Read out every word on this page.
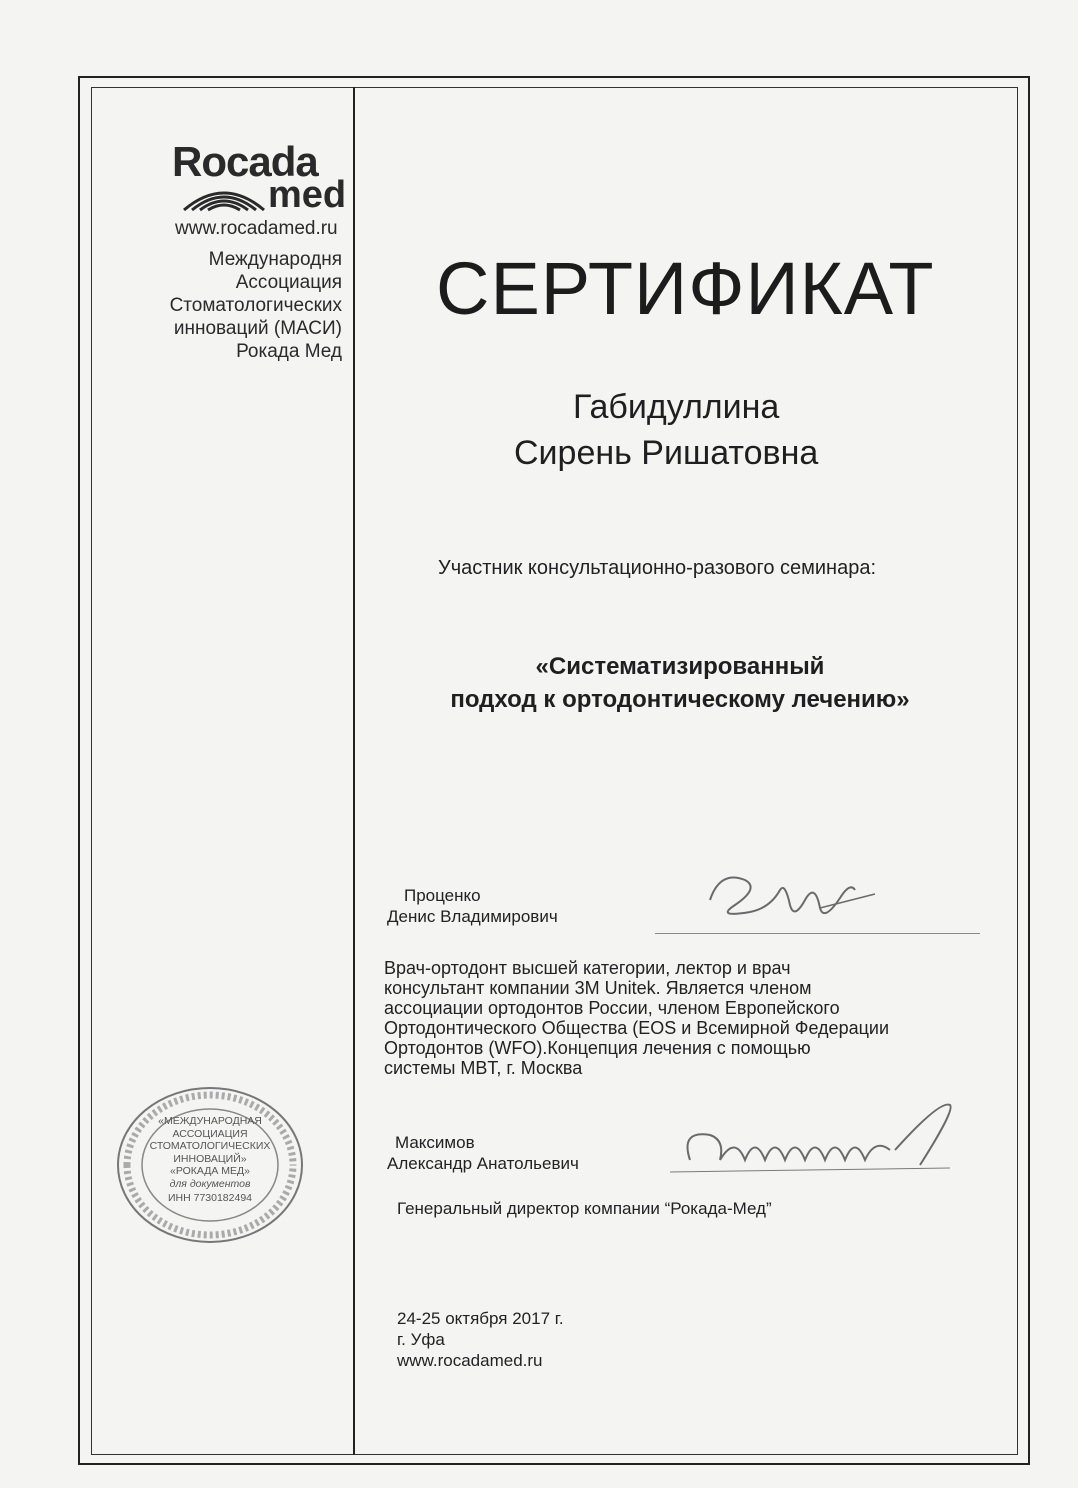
Rocada
med
www.rocadamed.ru
Международня
Ассоциация
Стоматологических
инноваций (МАСИ)
Рокада Мед
СЕРТИФИКАТ
Габидуллина
Сирень Ришатовна
Участник консультационно-разового семинара:
«Систематизированный
подход к ортодонтическому лечению»
Проценко
Денис Владимирович
Врач-ортодонт высшей категории, лектор и врач
консультант компании 3M Unitek. Является членом
ассоциации ортодонтов России, членом Европейского
Ортодонтического Общества (EOS и Всемирной Федерации
Ортодонтов (WFO).Концепция лечения с помощью
системы MBT, г. Москва
Максимов
Александр Анатольевич
Генеральный директор компании “Рокада-Мед”
«МЕЖДУНАРОДНАЯ
АССОЦИАЦИЯ
СТОМАТОЛОГИЧЕСКИХ
ИННОВАЦИЙ»
«РОКАДА МЕД»
для документов
ИНН 7730182494
24-25 октября 2017 г.
г. Уфа
www.rocadamed.ru
